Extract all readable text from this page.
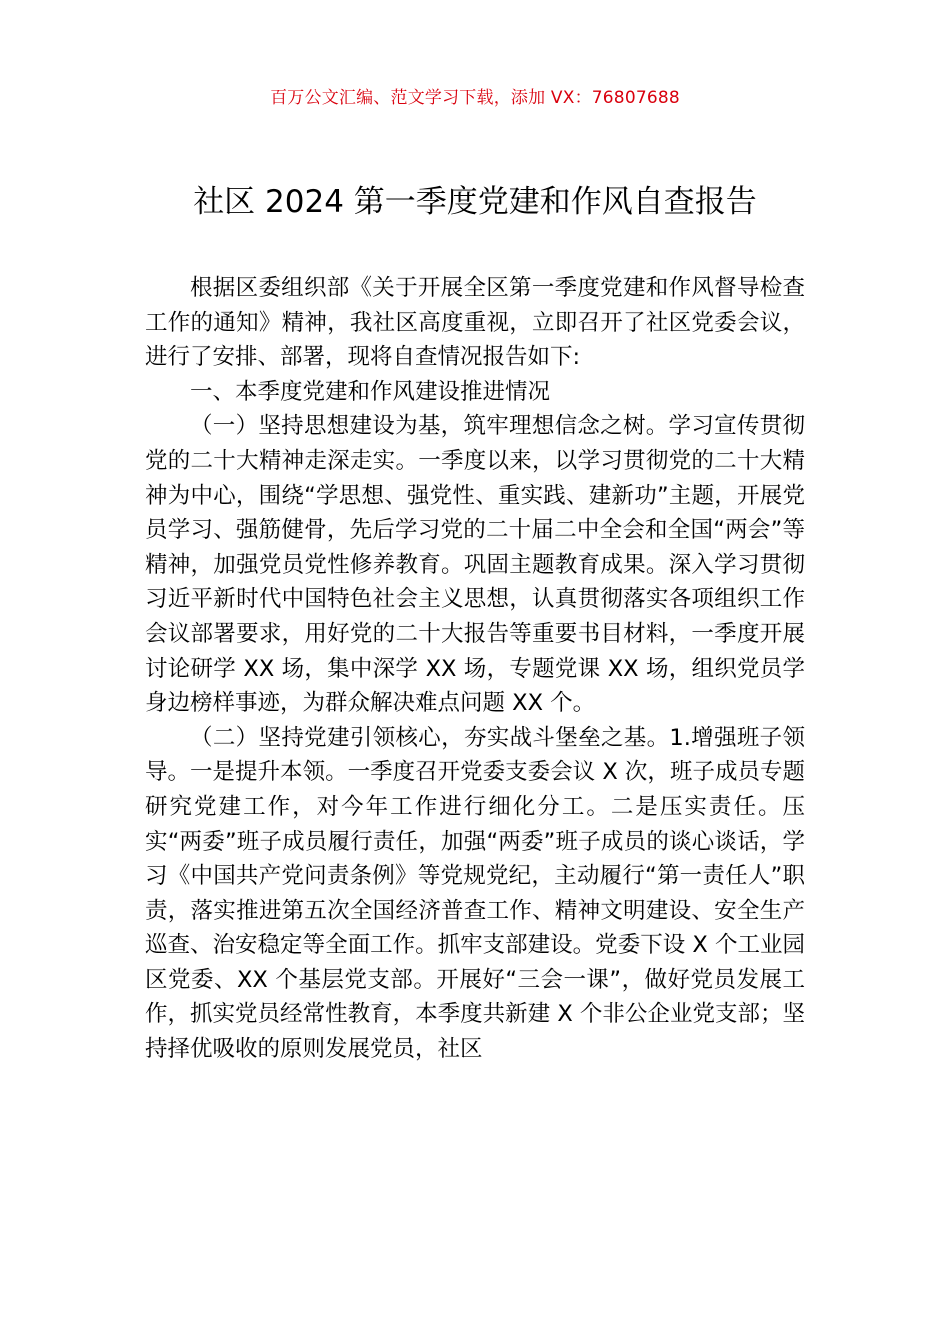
百万公文汇编、范文学习下载，添加 VX：76807688
社区 2024 第一季度党建和作风自查报告

根据区委组织部《关于开展全区第一季度党建和作风督导检查工作的通知》精神，我社区高度重视，立即召开了社区党委会议，进行了安排、部署，现将自查情况报告如下:

一、本季度党建和作风建设推进情况

（一）坚持思想建设为基，筑牢理想信念之树。学习宣传贯彻党的二十大精神走深走实。一季度以来，以学习贯彻党的二十大精神为中心，围绕“学思想、强党性、重实践、建新功”主题，开展党员学习、强筋健骨，先后学习党的二十届二中全会和全国“两会”等精神，加强党员党性修养教育。巩固主题教育成果。深入学习贯彻习近平新时代中国特色社会主义思想，认真贯彻落实各项组织工作会议部署要求，用好党的二十大报告等重要书目材料，一季度开展讨论研学 XX 场，集中深学 XX 场，专题党课 XX 场，组织党员学身边榜样事迹，为群众解决难点问题 XX 个。

（二）坚持党建引领核心，夯实战斗堡垒之基。1.增强班子领导。一是提升本领。一季度召开党委支委会议 X 次，班子成员专题研究党建工作，对今年工作进行细化分工。二是压实责任。压实“两委”班子成员履行责任，加强“两委”班子成员的谈心谈话，学习《中国共产党问责条例》等党规党纪，主动履行“第一责任人”职责，落实推进第五次全国经济普查工作、精神文明建设、安全生产巡查、治安稳定等全面工作。抓牢支部建设。党委下设 X 个工业园区党委、XX 个基层党支部。开展好“三会一课”，做好党员发展工作，抓实党员经常性教育，本季度共新建 X 个非公企业党支部；坚持择优吸收的原则发展党员，社区
